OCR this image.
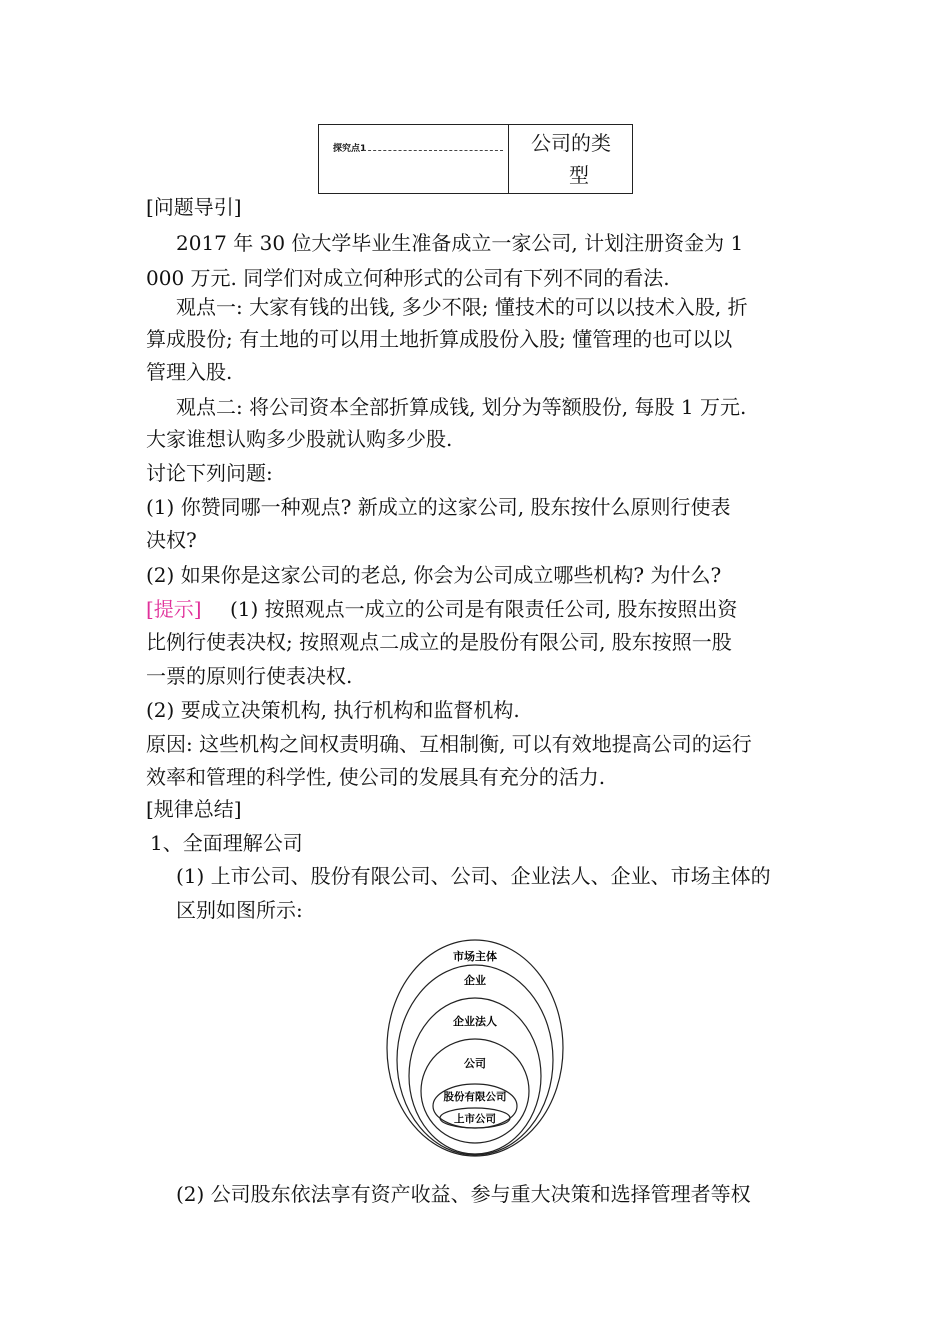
探究点1	公司的类
型
[问题导引]
2017 年 30 位大学毕业生准备成立一家公司, 计划注册资金为 1
000 万元. 同学们对成立何种形式的公司有下列不同的看法.
观点一: 大家有钱的出钱, 多少不限; 懂技术的可以以技术入股, 折
算成股份; 有土地的可以用土地折算成股份入股; 懂管理的也可以以
管理入股.
观点二: 将公司资本全部折算成钱, 划分为等额股份, 每股 1 万元.
大家谁想认购多少股就认购多少股.
讨论下列问题:
(1) 你赞同哪一种观点? 新成立的这家公司, 股东按什么原则行使表
决权?
(2) 如果你是这家公司的老总, 你会为公司成立哪些机构? 为什么?
[提示] (1) 按照观点一成立的公司是有限责任公司, 股东按照出资
比例行使表决权; 按照观点二成立的是股份有限公司, 股东按照一股
一票的原则行使表决权.
(2) 要成立决策机构, 执行机构和监督机构.
原因: 这些机构之间权责明确、互相制衡, 可以有效地提高公司的运行
效率和管理的科学性, 使公司的发展具有充分的活力.
[规律总结]
1、全面理解公司
(1) 上市公司、股份有限公司、公司、企业法人、企业、市场主体的
区别如图所示:
市场主体
企业
企业法人
公司
股份有限公司
上市公司
(2) 公司股东依法享有资产收益、参与重大决策和选择管理者等权
